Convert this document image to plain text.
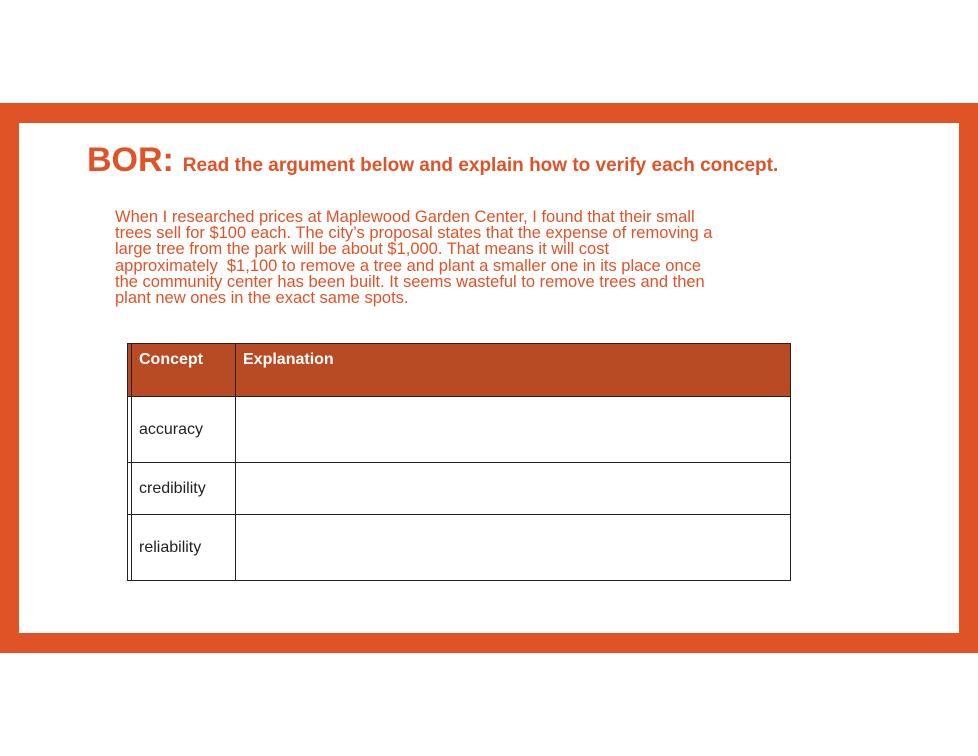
BOR: Read the argument below and explain how to verify each concept.

When I researched prices at Maplewood Garden Center, I found that their small
trees sell for $100 each. The city’s proposal states that the expense of removing a
large tree from the park will be about $1,000. That means it will cost
approximately  $1,100 to remove a tree and plant a smaller one in its place once
the community center has been built. It seems wasteful to remove trees and then
plant new ones in the exact same spots.

	Concept	Explanation
	accuracy	
	credibility	
	reliability	
